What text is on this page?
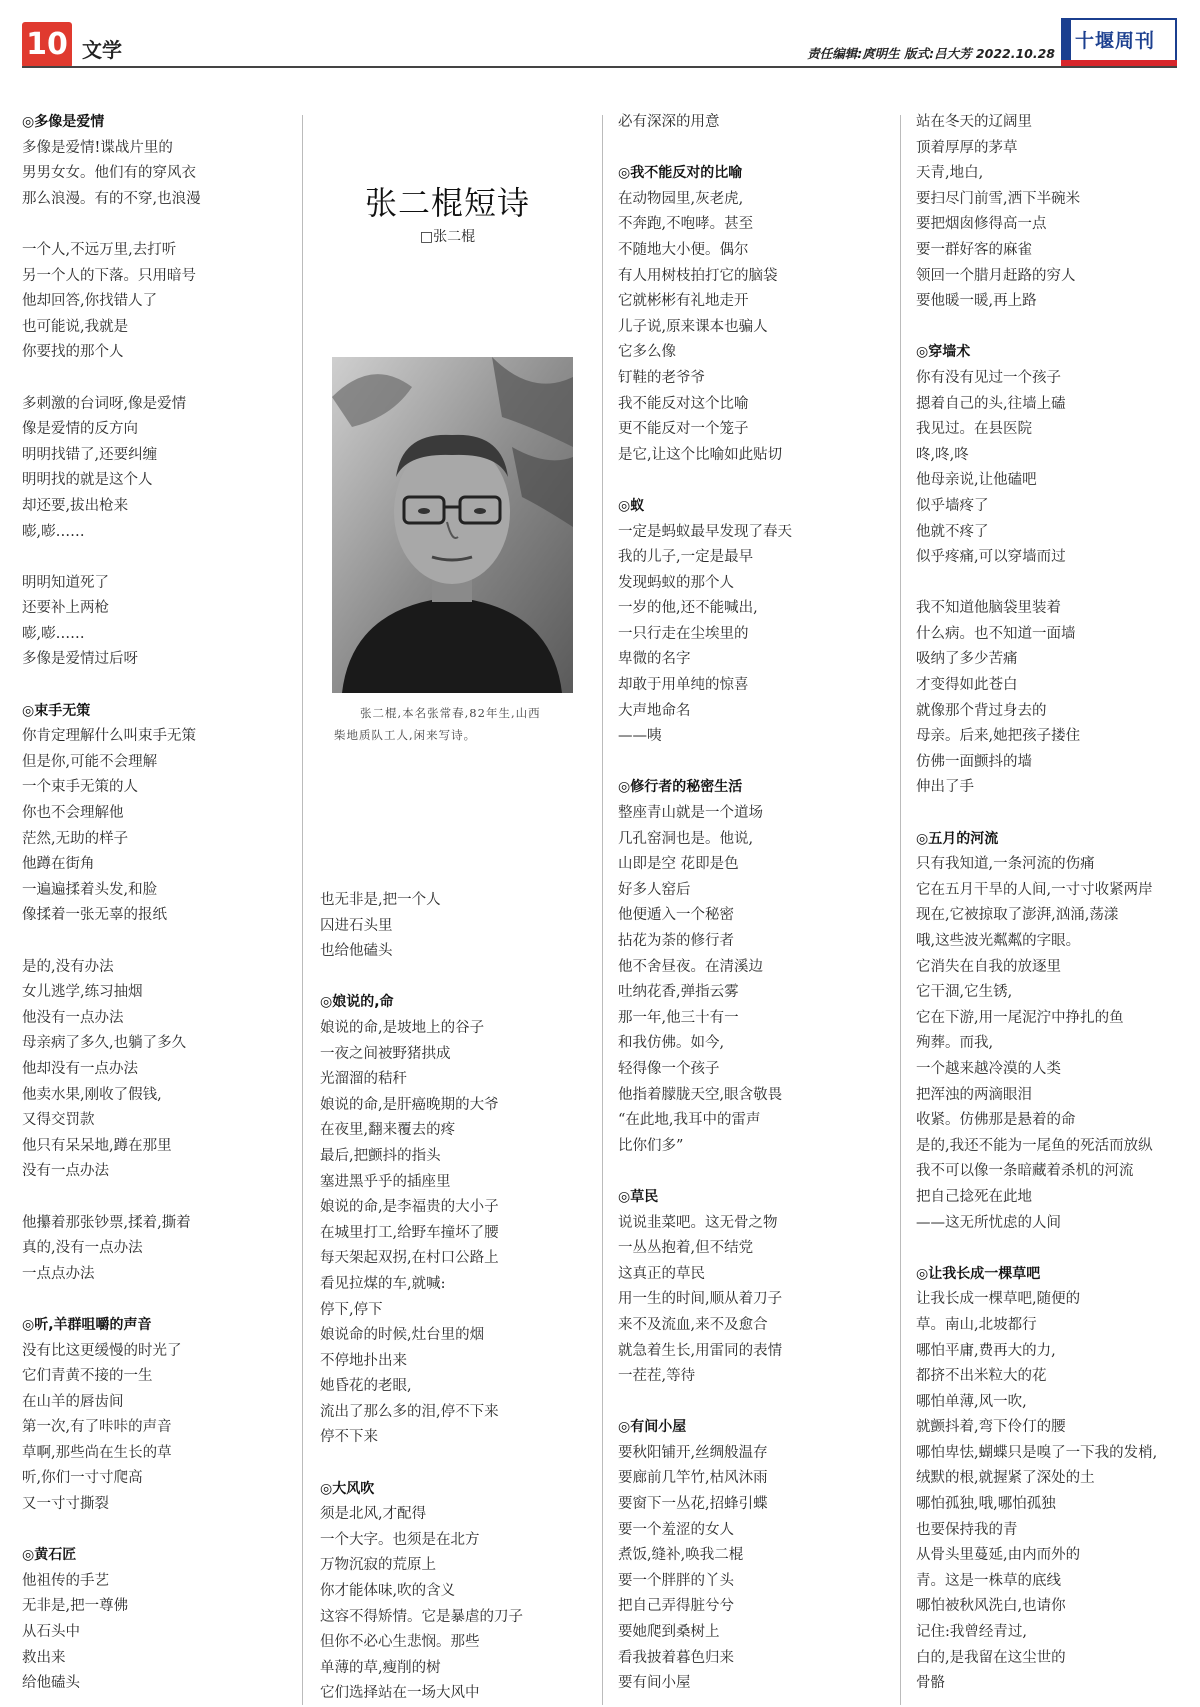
10 文学	责任编辑:庹明生 版式:吕大芳 2022.10.28
十堰周刊

◎多像是爱情

多像是爱情!谍战片里的

男男女女。他们有的穿风衣

那么浪漫。有的不穿,也浪漫

一个人,不远万里,去打听

另一个人的下落。只用暗号

他却回答,你找错人了

也可能说,我就是

你要找的那个人

多刺激的台词呀,像是爱情

像是爱情的反方向

明明找错了,还要纠缠

明明找的就是这个人

却还要,拔出枪来

嘭,嘭……

明明知道死了

还要补上两枪

嘭,嘭……

多像是爱情过后呀

◎束手无策

你肯定理解什么叫束手无策

但是你,可能不会理解

一个束手无策的人

你也不会理解他

茫然,无助的样子

他蹲在街角

一遍遍揉着头发,和脸

像揉着一张无辜的报纸

是的,没有办法

女儿逃学,练习抽烟

他没有一点办法

母亲病了多久,也躺了多久

他却没有一点办法

他卖水果,刚收了假钱,

又得交罚款

他只有呆呆地,蹲在那里

没有一点办法

他攥着那张钞票,揉着,撕着

真的,没有一点办法

一点点办法

◎听,羊群咀嚼的声音

没有比这更缓慢的时光了

它们青黄不接的一生

在山羊的唇齿间

第一次,有了咔咔的声音

草啊,那些尚在生长的草

听,你们一寸寸爬高

又一寸寸撕裂

◎黄石匠

他祖传的手艺

无非是,把一尊佛

从石头中

救出来

给他磕头

张二棍短诗
□张二棍

张二棍,本名张常春,82年生,山西

柴地质队工人,闲来写诗。

也无非是,把一个人

囚进石头里

也给他磕头

◎娘说的,命

娘说的命,是坡地上的谷子

一夜之间被野猪拱成

光溜溜的秸秆

娘说的命,是肝癌晚期的大爷

在夜里,翻来覆去的疼

最后,把颤抖的指头

塞进黑乎乎的插座里

娘说的命,是李福贵的大小子

在城里打工,给野车撞坏了腰

每天架起双拐,在村口公路上

看见拉煤的车,就喊:

停下,停下

娘说命的时候,灶台里的烟

不停地扑出来

她昏花的老眼,

流出了那么多的泪,停不下来

停不下来

◎大风吹

须是北风,才配得

一个大字。也须是在北方

万物沉寂的荒原上

你才能体味,吹的含义

这容不得矫情。它是暴虐的刀子

但你不必心生悲悯。那些

单薄的草,瘦削的树

它们选择站在一场大风中

必有深深的用意

◎我不能反对的比喻

在动物园里,灰老虎,

不奔跑,不咆哮。甚至

不随地大小便。偶尔

有人用树枝拍打它的脑袋

它就彬彬有礼地走开

儿子说,原来课本也骗人

它多么像

钉鞋的老爷爷

我不能反对这个比喻

更不能反对一个笼子

是它,让这个比喻如此贴切

◎蚁

一定是蚂蚁最早发现了春天

我的儿子,一定是最早

发现蚂蚁的那个人

一岁的他,还不能喊出,

一只行走在尘埃里的

卑微的名字

却敢于用单纯的惊喜

大声地命名

——咦

◎修行者的秘密生活

整座青山就是一个道场

几孔窑洞也是。他说,

山即是空 花即是色

好多人窑后

他便遁入一个秘密

拈花为荼的修行者

他不舍昼夜。在清溪边

吐纳花香,弹指云雾

那一年,他三十有一

和我仿佛。如今,

轻得像一个孩子

他指着朦胧天空,眼含敬畏

“在此地,我耳中的雷声

比你们多”

◎草民

说说韭菜吧。这无骨之物

一丛丛抱着,但不结党

这真正的草民

用一生的时间,顺从着刀子

来不及流血,来不及愈合

就急着生长,用雷同的表情

一茬茬,等待

◎有间小屋

要秋阳铺开,丝绸般温存

要廊前几竿竹,枯风沐雨

要窗下一丛花,招蜂引蝶

要一个羞涩的女人

煮饭,缝补,唤我二棍

要一个胖胖的丫头

把自己弄得脏兮兮

要她爬到桑树上

看我披着暮色归来

要有间小屋

站在冬天的辽阔里

顶着厚厚的茅草

天青,地白,

要扫尽门前雪,洒下半碗米

要把烟囱修得高一点

要一群好客的麻雀

领回一个腊月赶路的穷人

要他暖一暖,再上路

◎穿墙术

你有没有见过一个孩子

摁着自己的头,往墙上磕

我见过。在县医院

咚,咚,咚

他母亲说,让他磕吧

似乎墙疼了

他就不疼了

似乎疼痛,可以穿墙而过

我不知道他脑袋里装着

什么病。也不知道一面墙

吸纳了多少苦痛

才变得如此苍白

就像那个背过身去的

母亲。后来,她把孩子搂住

仿佛一面颤抖的墙

伸出了手

◎五月的河流

只有我知道,一条河流的伤痛

它在五月干旱的人间,一寸寸收紧两岸

现在,它被掠取了澎湃,汹涌,荡漾

哦,这些波光粼粼的字眼。

它消失在自我的放逐里

它干涸,它生锈,

它在下游,用一尾泥泞中挣扎的鱼

殉葬。而我,

一个越来越冷漠的人类

把浑浊的两滴眼泪

收紧。仿佛那是悬着的命

是的,我还不能为一尾鱼的死活而放纵

我不可以像一条暗藏着杀机的河流

把自己捻死在此地

——这无所忧虑的人间

◎让我长成一棵草吧

让我长成一棵草吧,随便的

草。南山,北坡都行

哪怕平庸,费再大的力,

都挤不出米粒大的花

哪怕单薄,风一吹,

就颤抖着,弯下伶仃的腰

哪怕卑怯,蝴蝶只是嗅了一下我的发梢,

绒默的根,就握紧了深处的土

哪怕孤独,哦,哪怕孤独

也要保持我的青

从骨头里蔓延,由内而外的

青。这是一株草的底线

哪怕被秋风洗白,也请你

记住:我曾经青过,

白的,是我留在这尘世的

骨骼
